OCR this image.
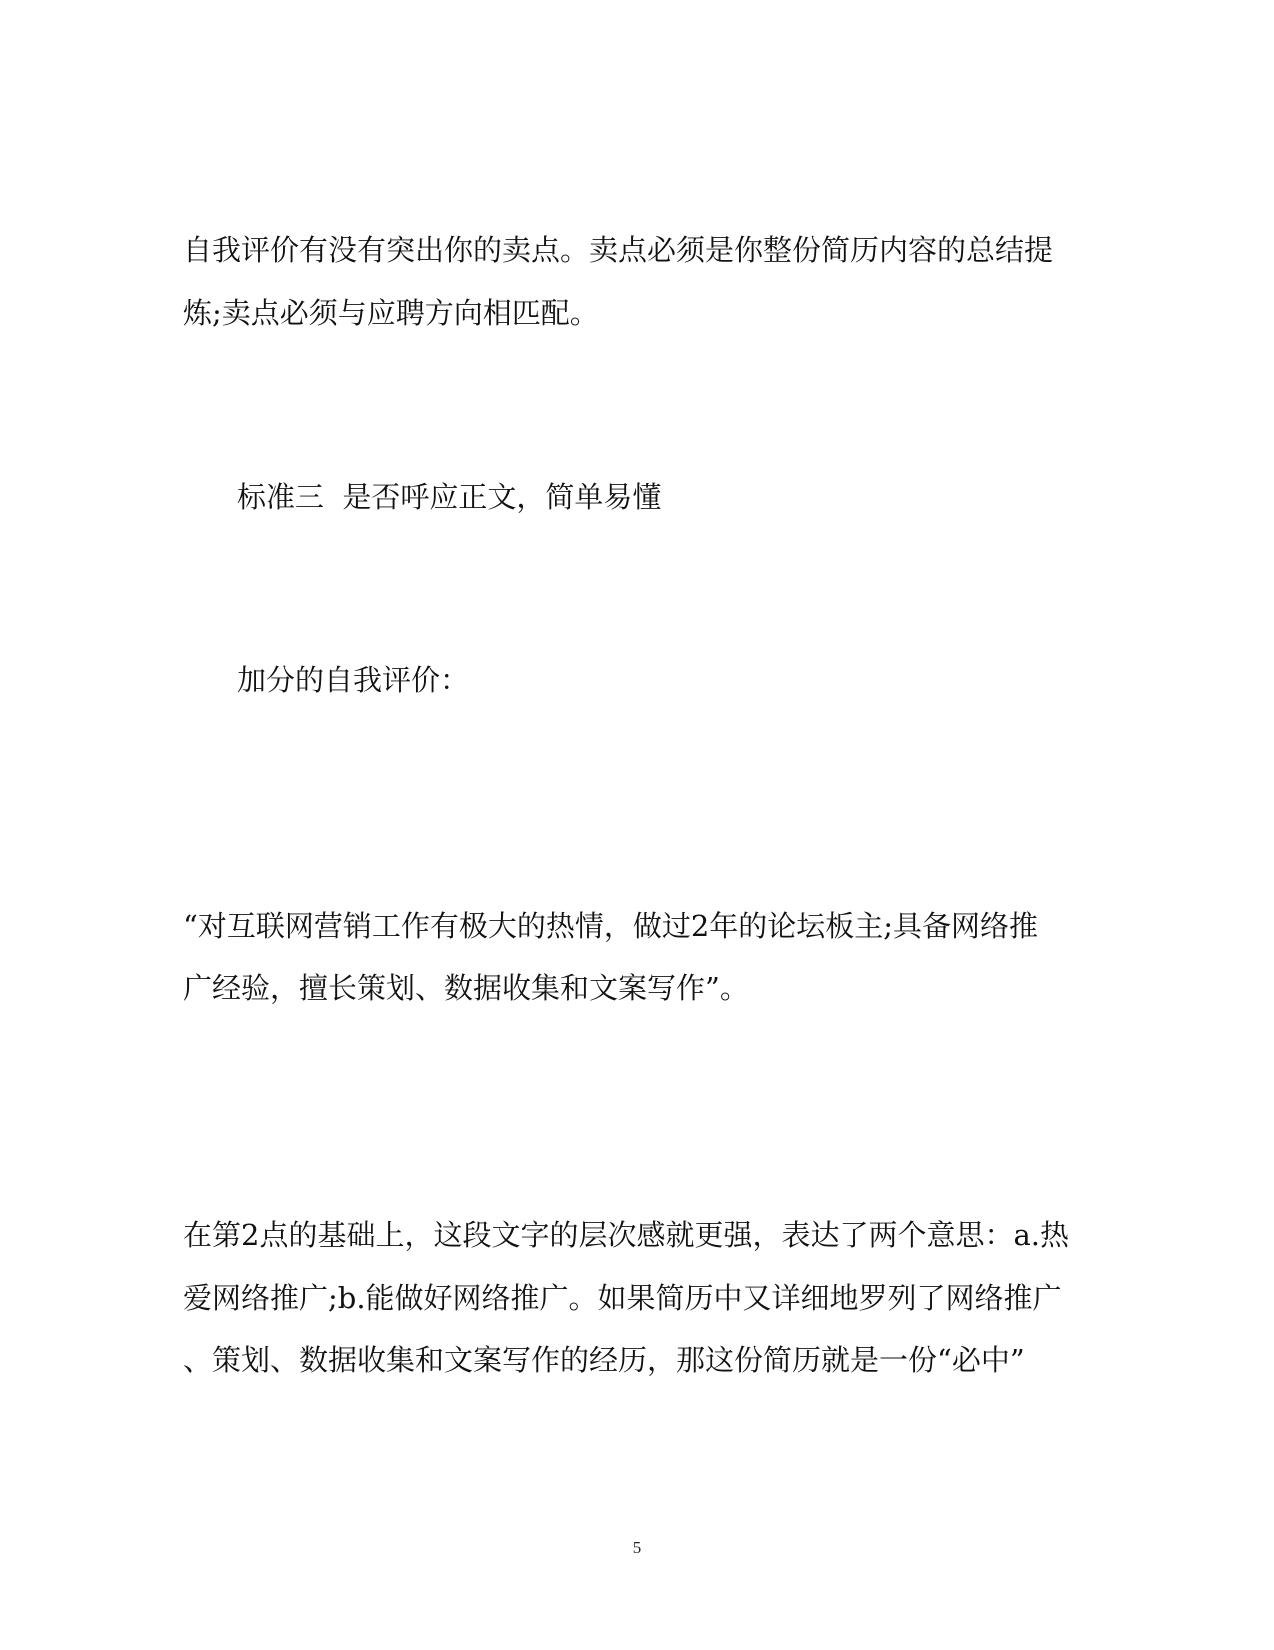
自我评价有没有突出你的卖点。卖点必须是你整份简历内容的总结提
炼;卖点必须与应聘方向相匹配。
标准三  是否呼应正文，简单易懂
加分的自我评价：
“对互联网营销工作有极大的热情，做过2年的论坛板主;具备网络推
广经验，擅长策划、数据收集和文案写作”。
在第2点的基础上，这段文字的层次感就更强，表达了两个意思：a.热
爱网络推广;b.能做好网络推广。如果简历中又详细地罗列了网络推广
、策划、数据收集和文案写作的经历，那这份简历就是一份“必中”
5
